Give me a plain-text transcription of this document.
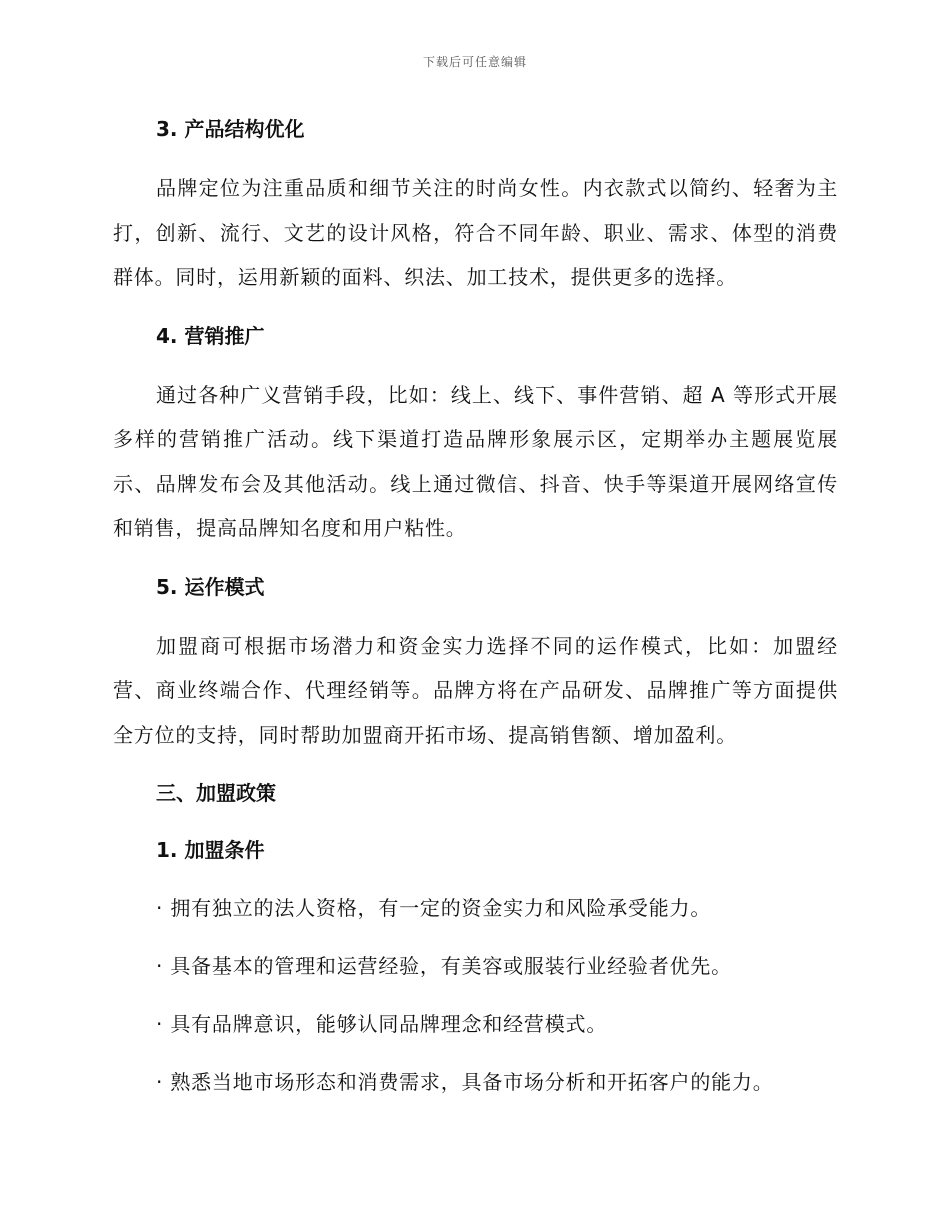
下载后可任意编辑
3. 产品结构优化

品牌定位为注重品质和细节关注的时尚女性。内衣款式以简约、轻奢为主打，创新、流行、文艺的设计风格，符合不同年龄、职业、需求、体型的消费群体。同时，运用新颖的面料、织法、加工技术，提供更多的选择。

4. 营销推广

通过各种广义营销手段，比如：线上、线下、事件营销、超 A 等形式开展多样的营销推广活动。线下渠道打造品牌形象展示区，定期举办主题展览展示、品牌发布会及其他活动。线上通过微信、抖音、快手等渠道开展网络宣传和销售，提高品牌知名度和用户粘性。

5. 运作模式

加盟商可根据市场潜力和资金实力选择不同的运作模式，比如：加盟经营、商业终端合作、代理经销等。品牌方将在产品研发、品牌推广等方面提供全方位的支持，同时帮助加盟商开拓市场、提高销售额、增加盈利。

三、加盟政策
1. 加盟条件

· 拥有独立的法人资格，有一定的资金实力和风险承受能力。

· 具备基本的管理和运营经验，有美容或服装行业经验者优先。

· 具有品牌意识，能够认同品牌理念和经营模式。

· 熟悉当地市场形态和消费需求，具备市场分析和开拓客户的能力。
